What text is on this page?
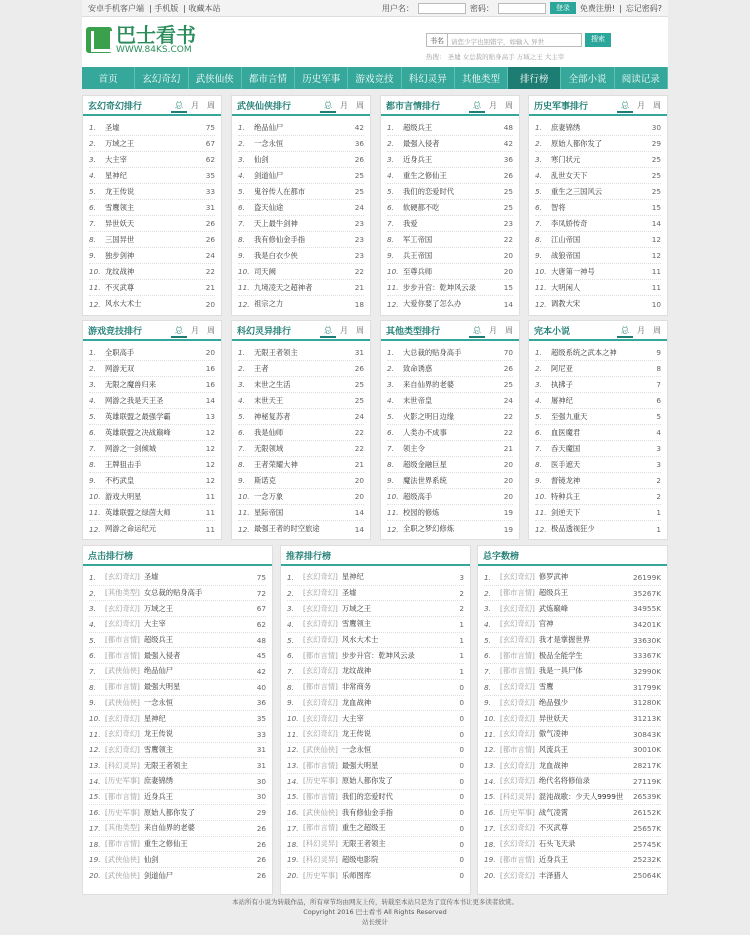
安卓手机客户端 | 手机版 | 收藏本站	用户名：	密码：	登录	免费注册! | 忘记密码?
巴士看书
WWW.84KS.COM
书名	请您少字也别错字，如输入 异世	搜索
热搜： 圣墟 女总裁的贴身高手 万域之王 大主宰
首页	玄幻奇幻	武侠仙侠	都市言情	历史军事	游戏竞技	科幻灵异	其他类型	排行榜	全部小说	阅读记录
玄幻奇幻排行	总	月	周
1.	圣墟	75
2.	万域之王	67
3.	大主宰	62
4.	星神纪	35
5.	龙王传说	33
6.	雪鹰领主	31
7.	异世妖天	26
8.	三国异世	26
9.	独步剑神	24
10. 龙纹战神	22
11. 不灭武尊	21
12. 风水大术士	20
武侠仙侠排行	总	月	周
1.	绝品仙尸	42
2.	一念永恒	36
3.	仙剑	26
4.	剑道仙尸	25
5.	鬼谷传人在都市	25
6.	盗天仙途	24
7.	天上最牛剑神	23
8.	我有修仙金手指	23
9.	我是白衣少侠	23
10. 司天阙	22
11. 九境凌天之超神者	21
12. 祖宗之力	18
都市言情排行	总	月	周
1.	超级兵王	48
2.	最强入侵者	42
3.	近身兵王	36
4.	重生之修仙王	26
5.	我们的恋爱时代	25
6.	软硬都不吃	25
7.	我爱	23
8.	军工帝国	22
9.	兵王帝国	20
10. 至尊兵师	20
11. 步步升官：乾坤风云录	15
12. 大爱你要了怎么办	14
历史军事排行	总	月	周
1.	庶妻锦绣	30
2.	原始人都你发了	29
3.	寒门状元	25
4.	乱世女天下	25
5.	重生之三国风云	25
6.	智将	15
7.	李凤娇传奇	14
8.	江山帝国	12
9.	战狼帝国	12
10. 大唐第一神号	11
11. 大明闲人	11
12. 调教大宋	10
游戏竞技排行	总	月	周
1.	全职高手	20
2.	网游无双	16
3.	无限之魔兽归来	16
4.	网游之我是天王圣	14
5.	英雄联盟之最强学霸	13
6.	英雄联盟之决战巅峰	12
7.	网游之一剑倾城	12
8.	王牌狙击手	12
9.	不朽武皇	12
10. 游戏大明星	11
11. 英雄联盟之绿茵大师	11
12. 网游之命运纪元	11
科幻灵异排行	总	月	周
1.	无限王者领主	31
2.	王者	26
3.	末世之生活	25
4.	末世天王	25
5.	神秘复苏者	24
6.	我是仙师	22
7.	无限领域	22
8.	王者荣耀大神	21
9.	斯诺克	20
10. 一念万象	20
11. 星际帝国	14
12. 最强王者的时空旅途	14
其他类型排行	总	月	周
1.	大总裁的贴身高手	70
2.	致命诱惑	26
3.	来自仙界的老婆	25
4.	末世帝皇	24
5.	火影之明日边缘	22
6.	人类办不成事	22
7.	领主令	21
8.	超级金融巨星	20
9.	魔法世界系统	20
10. 超级高手	20
11. 校园的修炼	19
12. 全职之梦幻修炼	19
完本小说	总	月	周
1.	超级系统之武本之神	9
2.	阿尼亚	8
3.	执拂子	7
4.	屠神纪	6
5.	至强九重天	5
6.	血医魔君	4
7.	吞天魔国	3
8.	医手遮天	3
9.	督镜龙神	2
10. 特种兵王	2
11. 剑逆天下	1
12. 极品透视狂少	1
点击排行榜
1.	[玄幻奇幻] 圣墟	75
2.	[其他类型] 女总裁的贴身高手	72
3.	[玄幻奇幻] 万域之王	67
4.	[玄幻奇幻] 大主宰	62
5.	[都市言情] 超级兵王	48
6.	[都市言情] 最强入侵者	45
7.	[武侠仙侠] 绝品仙尸	42
8.	[都市言情] 最强大明星	40
9.	[武侠仙侠] 一念永恒	36
10. [玄幻奇幻] 星神纪	35
11. [玄幻奇幻] 龙王传说	33
12. [玄幻奇幻] 雪鹰领主	31
13. [科幻灵异] 无限王者领主	31
14. [历史军事] 庶妻锦绣	30
15. [都市言情] 近身兵王	30
16. [历史军事] 原始人都你发了	29
17. [其他类型] 来自仙界的老婆	26
18. [都市言情] 重生之修仙王	26
19. [武侠仙侠] 仙剑	26
20. [武侠仙侠] 剑道仙尸	26
推荐排行榜
1.	[玄幻奇幻] 星神纪	3
2.	[玄幻奇幻] 圣墟	2
3.	[玄幻奇幻] 万域之王	2
4.	[玄幻奇幻] 雪鹰领主	1
5.	[玄幻奇幻] 风水大术士	1
6.	[都市言情] 步步升官：乾坤风云录	1
7.	[玄幻奇幻] 龙纹战神	1
8.	[都市言情] 非常商务	0
9.	[玄幻奇幻] 龙血战神	0
10. [玄幻奇幻] 大主宰	0
11. [玄幻奇幻] 龙王传说	0
12. [武侠仙侠] 一念永恒	0
13. [都市言情] 最强大明星	0
14. [历史军事] 原始人都你发了	0
15. [都市言情] 我们的恋爱时代	0
16. [武侠仙侠] 我有修仙金手指	0
17. [都市言情] 重生之超级王	0
18. [科幻灵异] 无限王者领主	0
19. [科幻灵异] 超级电影院	0
20. [历史军事] 乐师图库	0
总字数榜
1.	[玄幻奇幻] 修罗武神	26199K
2.	[都市言情] 超级兵王	35267K
3.	[玄幻奇幻] 武炼巅峰	34955K
4.	[玄幻奇幻] 官神	34201K
5.	[玄幻奇幻] 我才是掌握世界	33630K
6.	[都市言情] 极品全能学生	33367K
7.	[都市言情] 我是一具尸体	32990K
8.	[玄幻奇幻] 雪鹰	31799K
9.	[玄幻奇幻] 绝品强少	31280K
10. [玄幻奇幻] 异世妖天	31213K
11. [玄幻奇幻] 傲气凌神	30843K
12. [都市言情] 风流兵王	30010K
13. [玄幻奇幻] 龙血战神	28217K
14. [玄幻奇幻] 绝代名将修仙录	27119K
15. [科幻灵异] 混沌战歌：少天人9999世	26539K
16. [历史军事] 战气凌霄	26152K
17. [玄幻奇幻] 不灭武尊	25657K
18. [玄幻奇幻] 石头飞天录	25745K
19. [都市言情] 近身兵王	25232K
20. [玄幻奇幻] 丰泽猎人	25064K
本站所有小说为转载作品，所有章节均由网友上传，转载至本站只是为了宣传本书让更多读者欣赏。
Copyright 2016 巴士看书 All Rights Reserved
站长统计
